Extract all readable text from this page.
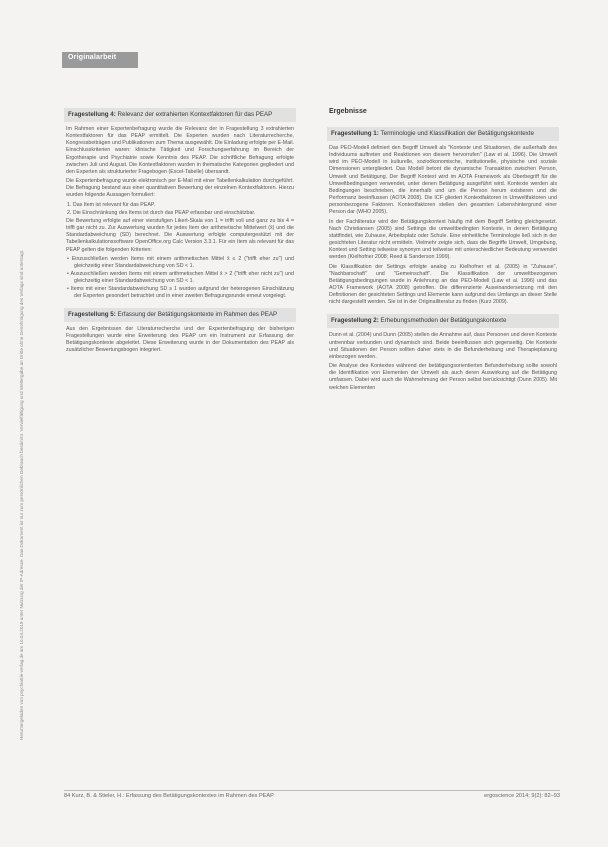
Originalarbeit
Heruntergeladen von psychiatrie-verlag.de am 10.04.2019 unter Nutzung der IP-Adresse. Das Dokument ist nur zum persönlichen Gebrauch bestimmt. Vervielfältigung und Weitergabe an Dritte ohne Genehmigung des Verlags sind untersagt.
Fragestellung 4: Relevanz der extrahierten Kontextfaktoren für das PEAP

Im Rahmen einer Expertenbefragung wurde die Relevanz der in Fragestellung 3 extrahierten Kontextfaktoren für das PEAP ermittelt. Die Experten wurden nach Literaturrecherche, Kongressbeiträgen und Publikationen zum Thema ausgewählt. Die Einladung erfolgte per E-Mail. Einschlusskriterien waren: klinische Tätigkeit und Forschungserfahrung im Bereich der Ergotherapie und Psychiatrie sowie Kenntnis des PEAP. Die schriftliche Befragung erfolgte zwischen Juli und August. Die Kontextfaktoren wurden in thematische Kategorien gegliedert und den Experten als strukturierter Fragebogen (Excel-Tabelle) übersandt.

Die Expertenbefragung wurde elektronisch per E-Mail mit einer Tabellenkalkulation durchgeführt. Die Befragung bestand aus einer quantitativen Bewertung der einzelnen Kontextfaktoren. Hierzu wurden folgende Aussagen formuliert:

1. Das Item ist relevant für das PEAP.

2. Die Einschränkung des Items ist durch das PEAP erfassbar und einschätzbar.

Die Bewertung erfolgte auf einer vierstufigen Likert-Skala von 1 = trifft voll und ganz zu bis 4 = trifft gar nicht zu. Zur Auswertung wurden für jedes Item der arithmetische Mittelwert (x̄) und die Standardabweichung (SD) berechnet. Die Auswertung erfolgte computergestützt mit der Tabellenkalkulationssoftware OpenOffice.org Calc Version 3.3.1. Für ein Item als relevant für das PEAP gelten die folgenden Kriterien:

• Einzuschließen werden Items mit einem arithmetischen Mittel x̄ ≤ 2 ("trifft eher zu") und gleichzeitig einer Standardabweichung von SD < 1.

• Auszuschließen werden Items mit einem arithmetischen Mittel x̄ > 2 ("trifft eher nicht zu") und gleichzeitig einer Standardabweichung von SD < 1.

• Items mit einer Standardabweichung SD ≥ 1 wurden aufgrund der heterogenen Einschätzung der Experten gesondert betrachtet und in einer zweiten Befragungsrunde erneut vorgelegt.

Fragestellung 5: Erfassung der Betätigungskontexte im Rahmen des PEAP

Aus den Ergebnissen der Literaturrecherche und der Expertenbefragung der bisherigen Fragestellungen wurde eine Erweiterung des PEAP um ein Instrument zur Erfassung der Betätigungskontexte abgeleitet. Diese Erweiterung wurde in der Dokumentation des PEAP als zusätzlicher Bewertungsbogen integriert.

Ergebnisse
Fragestellung 1: Terminologie und Klassifikation der Betätigungskontexte

Das PEO-Modell definiert den Begriff Umwelt als "Kontexte und Situationen, die außerhalb des Individuums auftreten und Reaktionen von diesem hervorrufen" (Law et al. 1996). Die Umwelt wird im PEO-Modell in kulturelle, sozioökonomische, institutionelle, physische und soziale Dimensionen untergliedert. Das Modell betont die dynamische Transaktion zwischen Person, Umwelt und Betätigung. Der Begriff Kontext wird im AOTA Framework als Oberbegriff für die Umweltbedingungen verwendet, unter denen Betätigung ausgeführt wird. Kontexte werden als Bedingungen beschrieben, die innerhalb und um die Person herum existieren und die Performanz beeinflussen (AOTA 2008). Die ICF gliedert Kontextfaktoren in Umweltfaktoren und personbezogene Faktoren. Kontextfaktoren stellen den gesamten Lebenshintergrund einer Person dar (WHO 2005).

In der Fachliteratur wird der Betätigungskontext häufig mit dem Begriff Setting gleichgesetzt. Nach Christiansen (2005) sind Settings die umweltbedingten Kontexte, in denen Betätigung stattfindet, wie Zuhause, Arbeitsplatz oder Schule. Eine einheitliche Terminologie ließ sich in der gesichteten Literatur nicht ermitteln. Vielmehr zeigte sich, dass die Begriffe Umwelt, Umgebung, Kontext und Setting teilweise synonym und teilweise mit unterschiedlicher Bedeutung verwendet werden (Kielhofner 2008; Reed & Sanderson 1999).

Die Klassifikation der Settings erfolgte analog zu Kielhofner et al. (2005) in "Zuhause", "Nachbarschaft" und "Gemeinschaft". Die Klassifikation der umweltbezogenen Betätigungsbedingungen wurde in Anlehnung an das PEO-Modell (Law et al. 1996) und das AOTA Framework (AOTA 2008) getroffen. Die differenzierte Auseinandersetzung mit den Definitionen der gesichteten Settings und Elemente kann aufgrund des Umfangs an dieser Stelle nicht dargestellt werden. Sie ist in der Originalliteratur zu finden (Kurz 2009).

Fragestellung 2: Erhebungsmethoden der Betätigungskontexte

Dunn et al. (2004) und Dunn (2005) stellen die Annahme auf, dass Personen und deren Kontexte untrennbar verbunden und dynamisch sind. Beide beeinflussen sich gegenseitig. Die Kontexte und Situationen der Person sollten daher stets in die Befunderhebung und Therapieplanung einbezogen werden.

Die Analyse des Kontextes während der betätigungsorientierten Befunderhebung sollte sowohl die Identifikation von Elementen der Umwelt als auch deren Auswirkung auf die Betätigung umfassen. Dabei wird auch die Wahrnehmung der Person selbst berücksichtigt (Dunn 2005). Mit welchen Elementen

84 Kurz, B. & Stieler, H.: Erfassung des Betätigungskontextes im Rahmen des PEAP	ergoscience 2014; 9(2): 82–93
